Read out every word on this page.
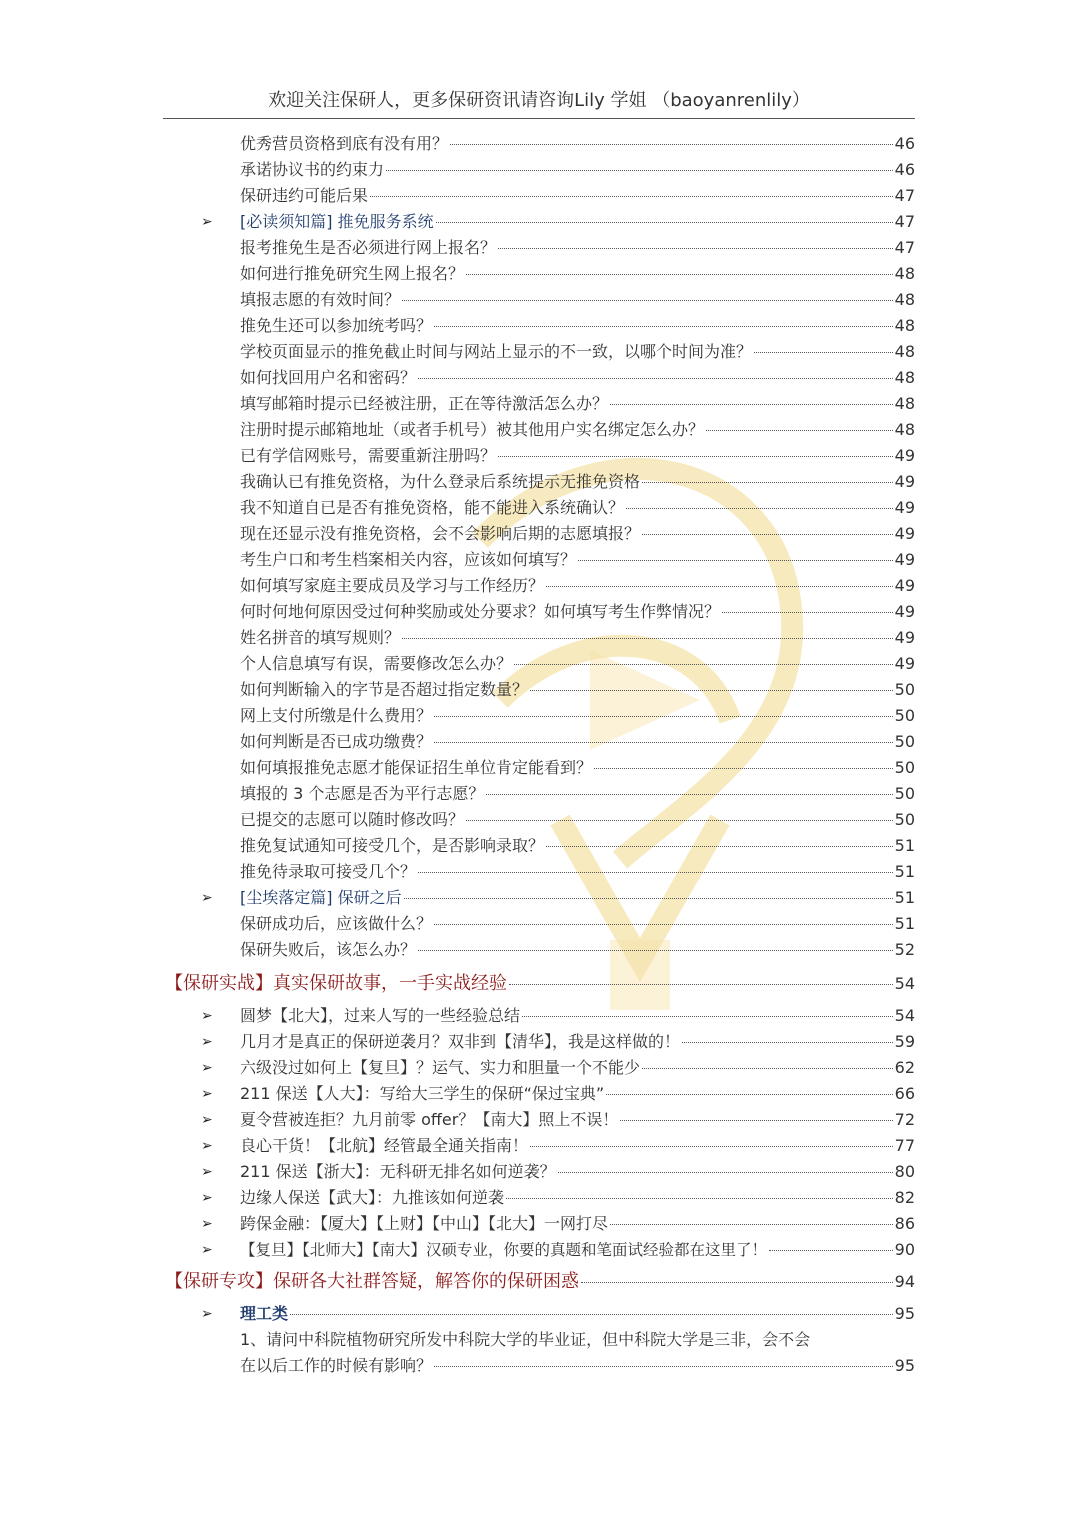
欢迎关注保研人，更多保研资讯请咨询Lily 学姐 （baoyanrenlily）
优秀营员资格到底有没有用？	46
承诺协议书的约束力	46
保研违约可能后果	47
➢ [必读须知篇] 推免服务系统	47
报考推免生是否必须进行网上报名？	47
如何进行推免研究生网上报名？	48
填报志愿的有效时间？	48
推免生还可以参加统考吗？	48
学校页面显示的推免截止时间与网站上显示的不一致，以哪个时间为准？	48
如何找回用户名和密码？	48
填写邮箱时提示已经被注册，正在等待激活怎么办？	48
注册时提示邮箱地址（或者手机号）被其他用户实名绑定怎么办？	48
已有学信网账号，需要重新注册吗？	49
我确认已有推免资格，为什么登录后系统提示无推免资格	49
我不知道自已是否有推免资格，能不能进入系统确认？	49
现在还显示没有推免资格，会不会影响后期的志愿填报？	49
考生户口和考生档案相关内容，应该如何填写？	49
如何填写家庭主要成员及学习与工作经历？	49
何时何地何原因受过何种奖励或处分要求？如何填写考生作弊情况？	49
姓名拼音的填写规则？	49
个人信息填写有误，需要修改怎么办？	49
如何判断输入的字节是否超过指定数量？	50
网上支付所缴是什么费用？	50
如何判断是否已成功缴费？	50
如何填报推免志愿才能保证招生单位肯定能看到？	50
填报的 3 个志愿是否为平行志愿？	50
已提交的志愿可以随时修改吗？	50
推免复试通知可接受几个，是否影响录取？	51
推免待录取可接受几个？	51
➢ [尘埃落定篇] 保研之后	51
保研成功后，应该做什么？	51
保研失败后，该怎么办？	52
【保研实战】真实保研故事，一手实战经验	54
➢ 圆梦【北大】，过来人写的一些经验总结	54
➢ 几月才是真正的保研逆袭月？双非到【清华】，我是这样做的！	59
➢ 六级没过如何上【复旦】？运气、实力和胆量一个不能少	62
➢ 211 保送【人大】：写给大三学生的保研“保过宝典”	66
➢ 夏令营被连拒？九月前零 offer？【南大】照上不误！	72
➢ 良心干货！【北航】经管最全通关指南！	77
➢ 211 保送【浙大】：无科研无排名如何逆袭？	80
➢ 边缘人保送【武大】：九推该如何逆袭	82
➢ 跨保金融：【厦大】【上财】【中山】【北大】一网打尽	86
➢ 【复旦】【北师大】【南大】汉硕专业，你要的真题和笔面试经验都在这里了！	90
【保研专攻】保研各大社群答疑，解答你的保研困惑	94
➢ 理工类	95
1、请问中科院植物研究所发中科院大学的毕业证，但中科院大学是三非，会不会
在以后工作的时候有影响？	95
